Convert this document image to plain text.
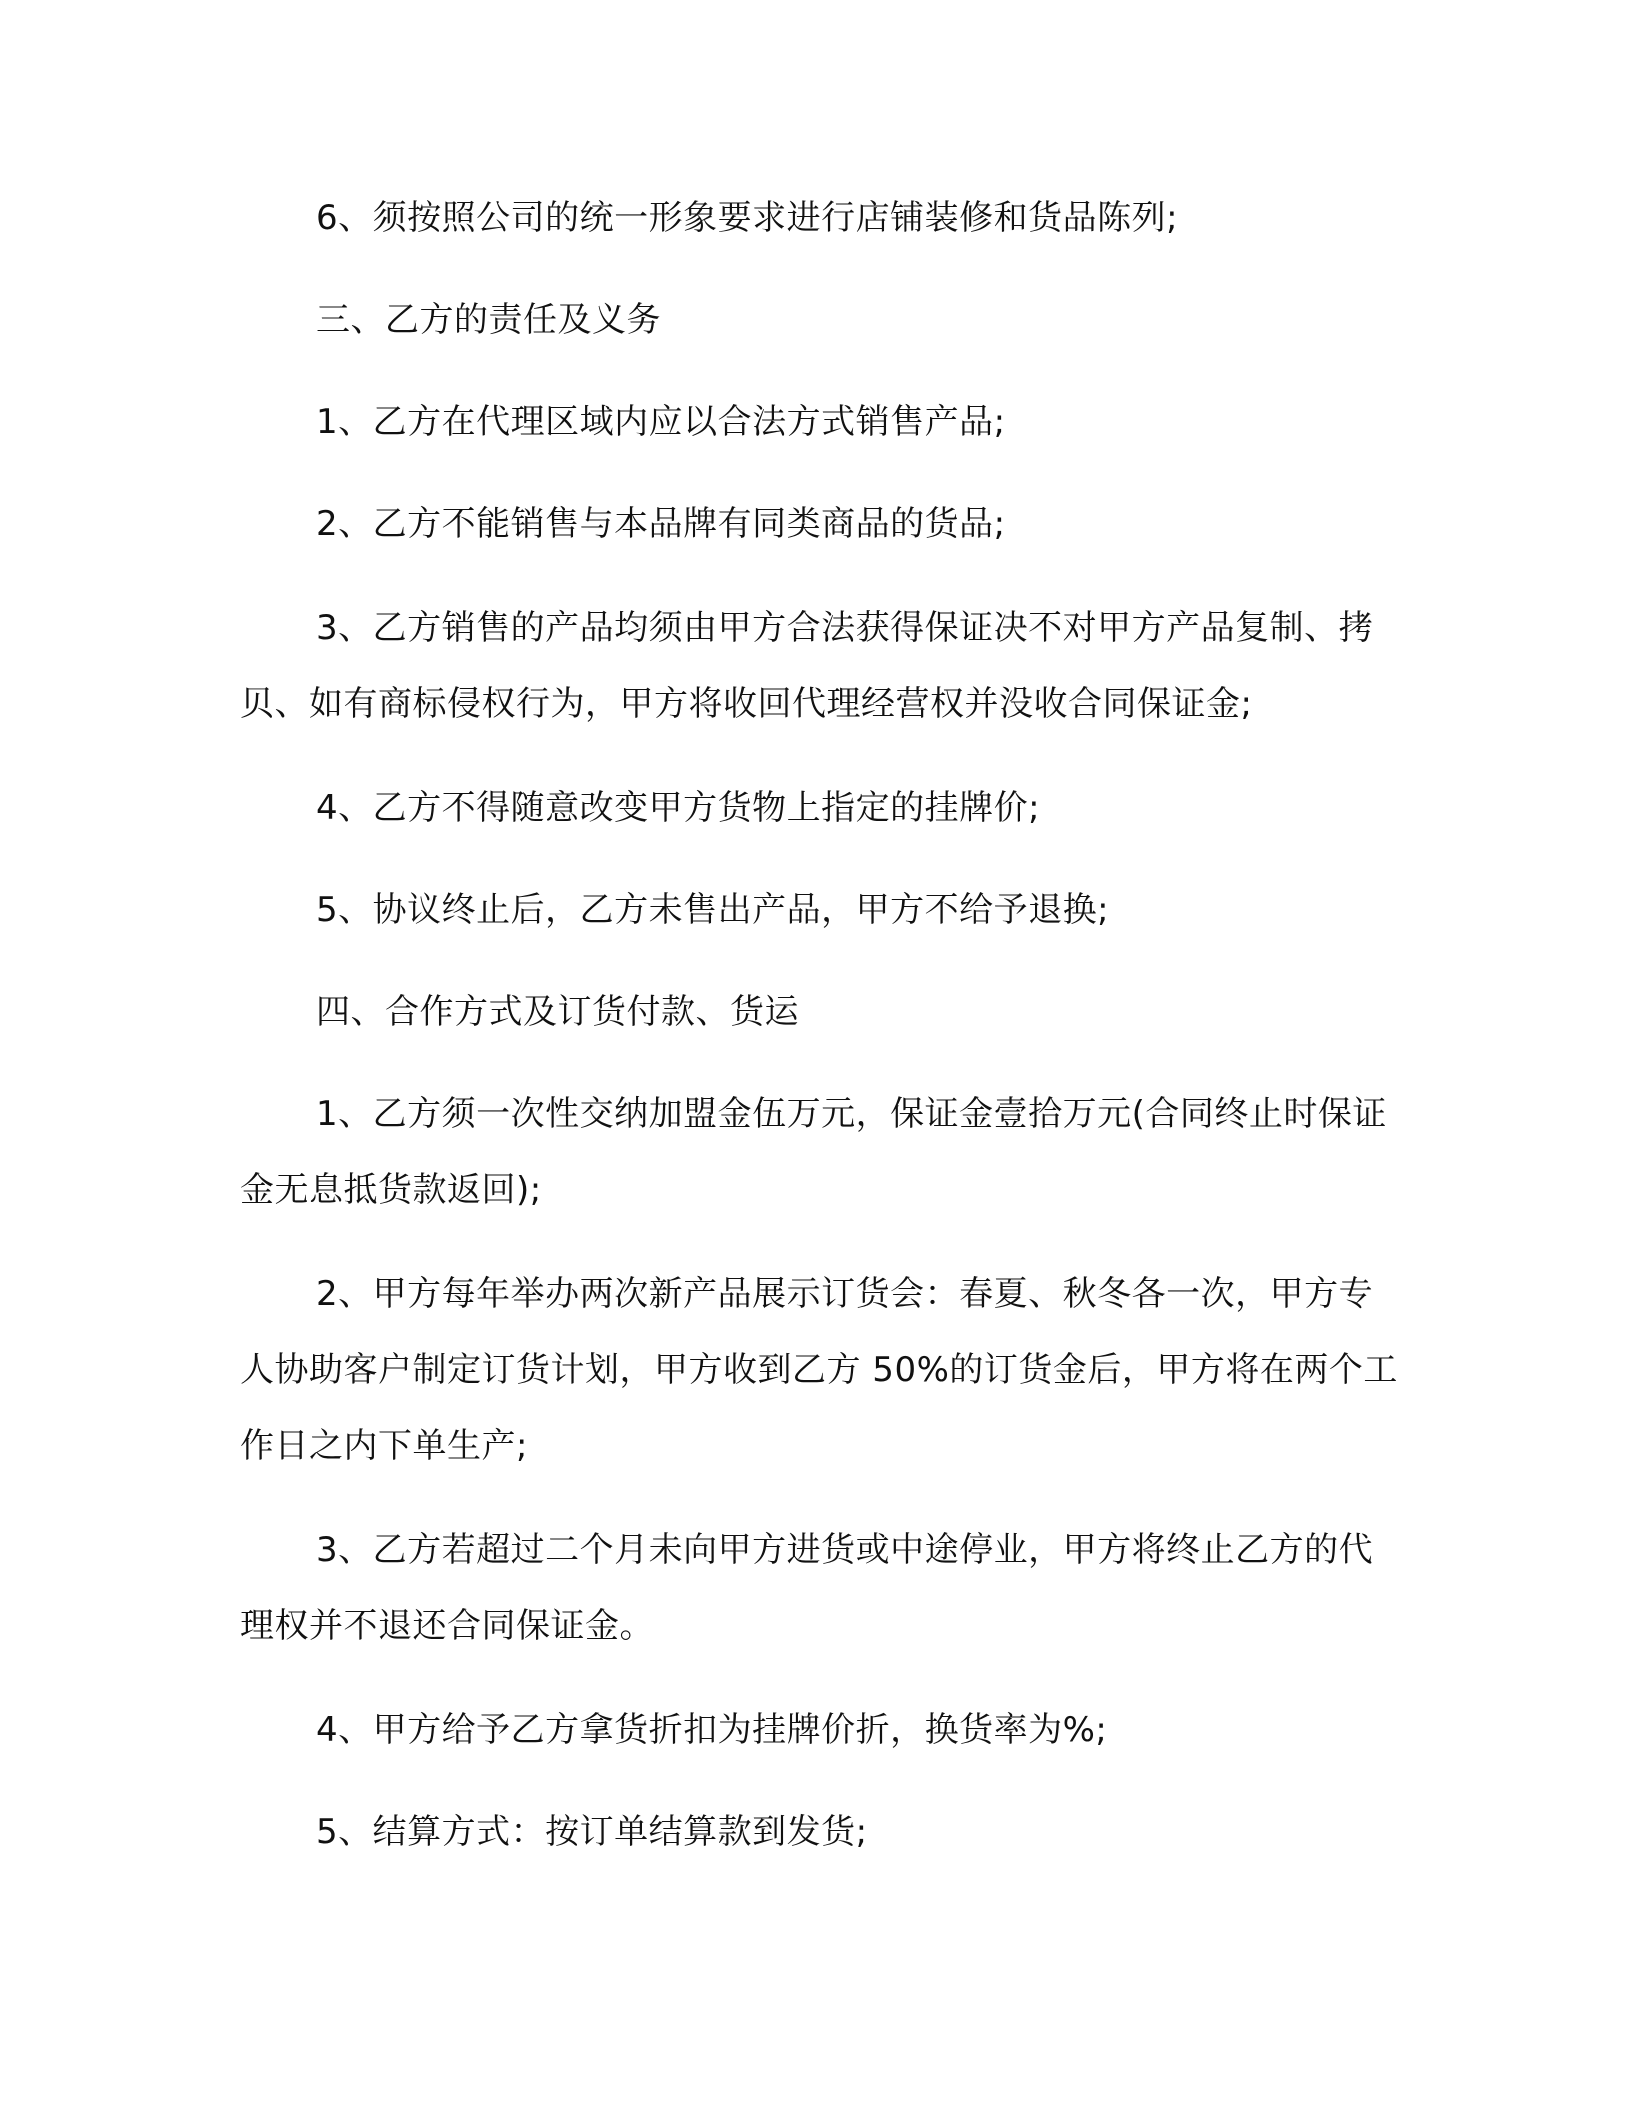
6、须按照公司的统一形象要求进行店铺装修和货品陈列;

三、乙方的责任及义务

1、乙方在代理区域内应以合法方式销售产品;

2、乙方不能销售与本品牌有同类商品的货品;

3、乙方销售的产品均须由甲方合法获得保证决不对甲方产品复制、拷贝、如有商标侵权行为，甲方将收回代理经营权并没收合同保证金;

4、乙方不得随意改变甲方货物上指定的挂牌价;

5、协议终止后，乙方未售出产品，甲方不给予退换;

四、合作方式及订货付款、货运

1、乙方须一次性交纳加盟金伍万元，保证金壹拾万元(合同终止时保证金无息抵货款返回);

2、甲方每年举办两次新产品展示订货会：春夏、秋冬各一次，甲方专人协助客户制定订货计划，甲方收到乙方 50%的订货金后，甲方将在两个工作日之内下单生产;

3、乙方若超过二个月未向甲方进货或中途停业，甲方将终止乙方的代理权并不退还合同保证金。

4、甲方给予乙方拿货折扣为挂牌价折，换货率为%;

5、结算方式：按订单结算款到发货;
